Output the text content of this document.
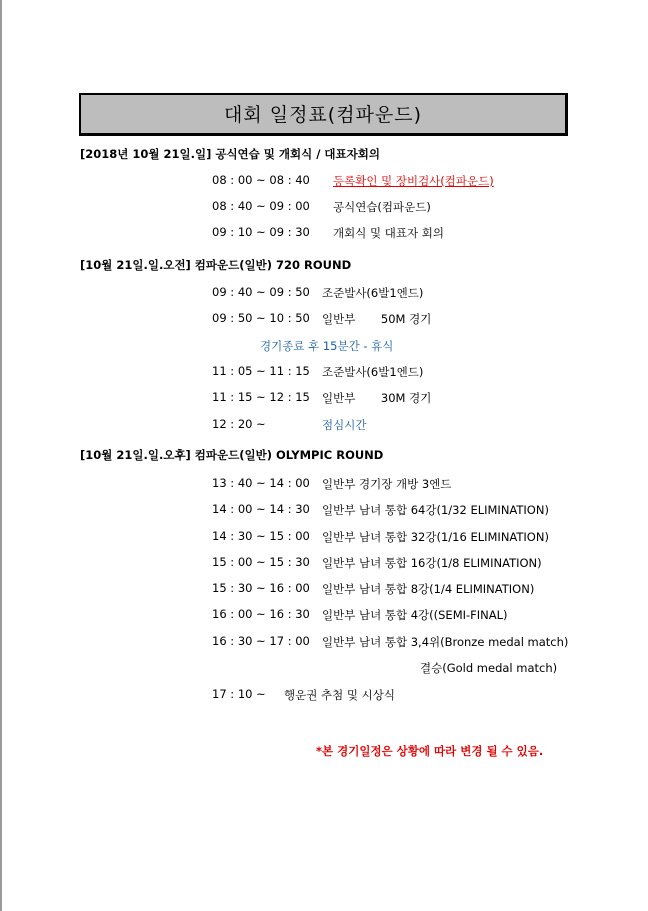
대회 일정표(컴파운드)
[2018년 10월 21일.일] 공식연습 및 개회식 / 대표자회의
08 : 00 ~ 08 : 40 등록확인 및 장비검사(컴파운드)
08 : 40 ~ 09 : 00 공식연습(컴파운드)
09 : 10 ~ 09 : 30 개회식 및 대표자 회의
[10월 21일.일.오전] 컴파운드(일반) 720 ROUND
09 : 40 ~ 09 : 50 조준발사(6발1엔드)
09 : 50 ~ 10 : 50 일반부       50M 경기
경기종료 후 15분간 - 휴식
11 : 05 ~ 11 : 15 조준발사(6발1엔드)
11 : 15 ~ 12 : 15 일반부       30M 경기
12 : 20 ~	점심시간
[10월 21일.일.오후] 컴파운드(일반) OLYMPIC ROUND
13 : 40 ~ 14 : 00 일반부 경기장 개방 3엔드
14 : 00 ~ 14 : 30 일반부 남녀 통합 64강(1/32 ELIMINATION)
14 : 30 ~ 15 : 00 일반부 남녀 통합 32강(1/16 ELIMINATION)
15 : 00 ~ 15 : 30 일반부 남녀 통합 16강(1/8 ELIMINATION)
15 : 30 ~ 16 : 00 일반부 남녀 통합 8강(1/4 ELIMINATION)
16 : 00 ~ 16 : 30 일반부 남녀 통합 4강((SEMI-FINAL)
16 : 30 ~ 17 : 00 일반부 남녀 통합 3,4위(Bronze medal match)
결승(Gold medal match)
17 : 10 ~ 행운권 추첨 및 시상식
*본 경기일정은 상황에 따라 변경 될 수 있음.
